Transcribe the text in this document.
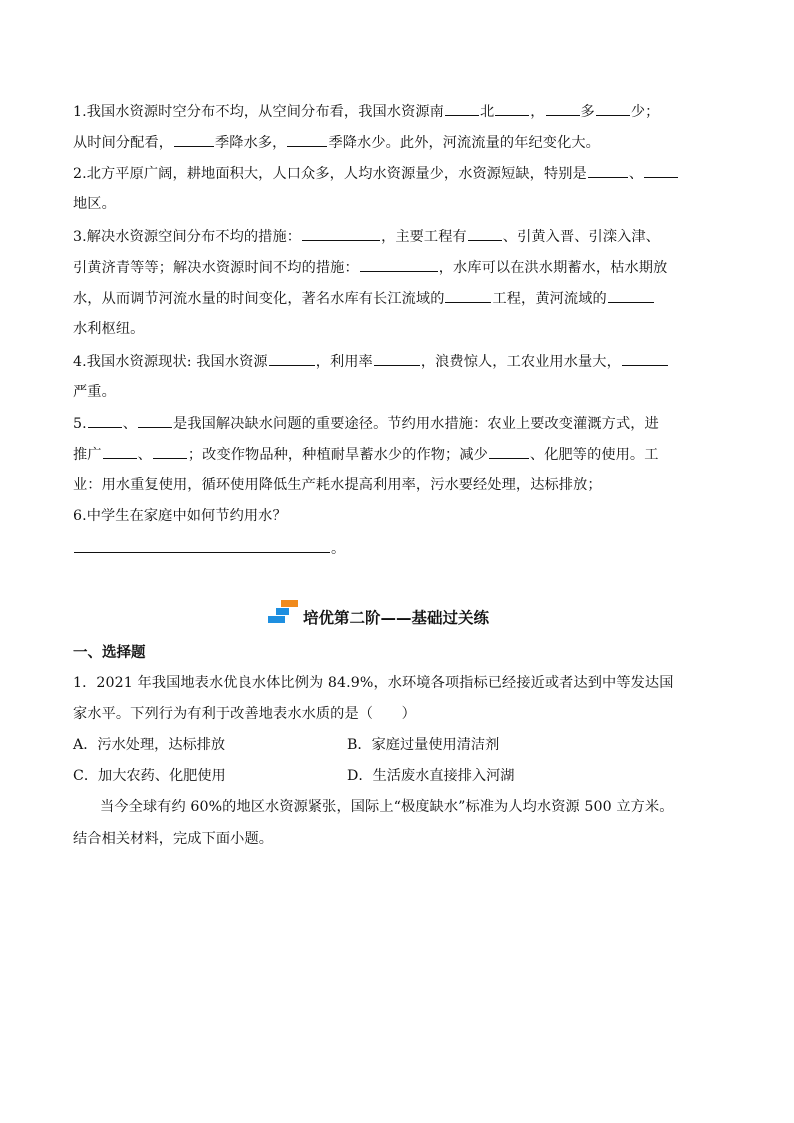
1.我国水资源时空分布不均，从空间分布看，我国水资源南	北	，	多	少；
从时间分配看，	季降水多，	季降水少。此外，河流流量的年纪变化大。
2.北方平原广阔，耕地面积大，人口众多，人均水资源量少，水资源短缺，特别是	、
地区。
3.解决水资源空间分布不均的措施：	，主要工程有	、引黄入晋、引滦入津、
引黄济青等等；解决水资源时间不均的措施：	，水库可以在洪水期蓄水，枯水期放
水，从而调节河流水量的时间变化，著名水库有长江流域的	工程，黄河流域的
水利枢纽。
4.我国水资源现状: 我国水资源	，利用率	，浪费惊人，工农业用水量大，
严重。
5.	、	是我国解决缺水问题的重要途径。节约用水措施：农业上要改变灌溉方式，进
推广	、	；改变作物品种，种植耐旱蓄水少的作物；减少	、化肥等的使用。工
业：用水重复使用，循环使用降低生产耗水提高利用率，污水要经处理，达标排放；
6.中学生在家庭中如何节约用水？
。
培优第二阶——基础过关练
一、选择题
1．2021 年我国地表水优良水体比例为 84.9%，水环境各项指标已经接近或者达到中等发达国
家水平。下列行为有利于改善地表水水质的是（　　）
A．污水处理，达标排放	B．家庭过量使用清洁剂
C．加大农药、化肥使用	D．生活废水直接排入河湖
当今全球有约 60%的地区水资源紧张，国际上“极度缺水”标准为人均水资源 500 立方米。
结合相关材料，完成下面小题。
